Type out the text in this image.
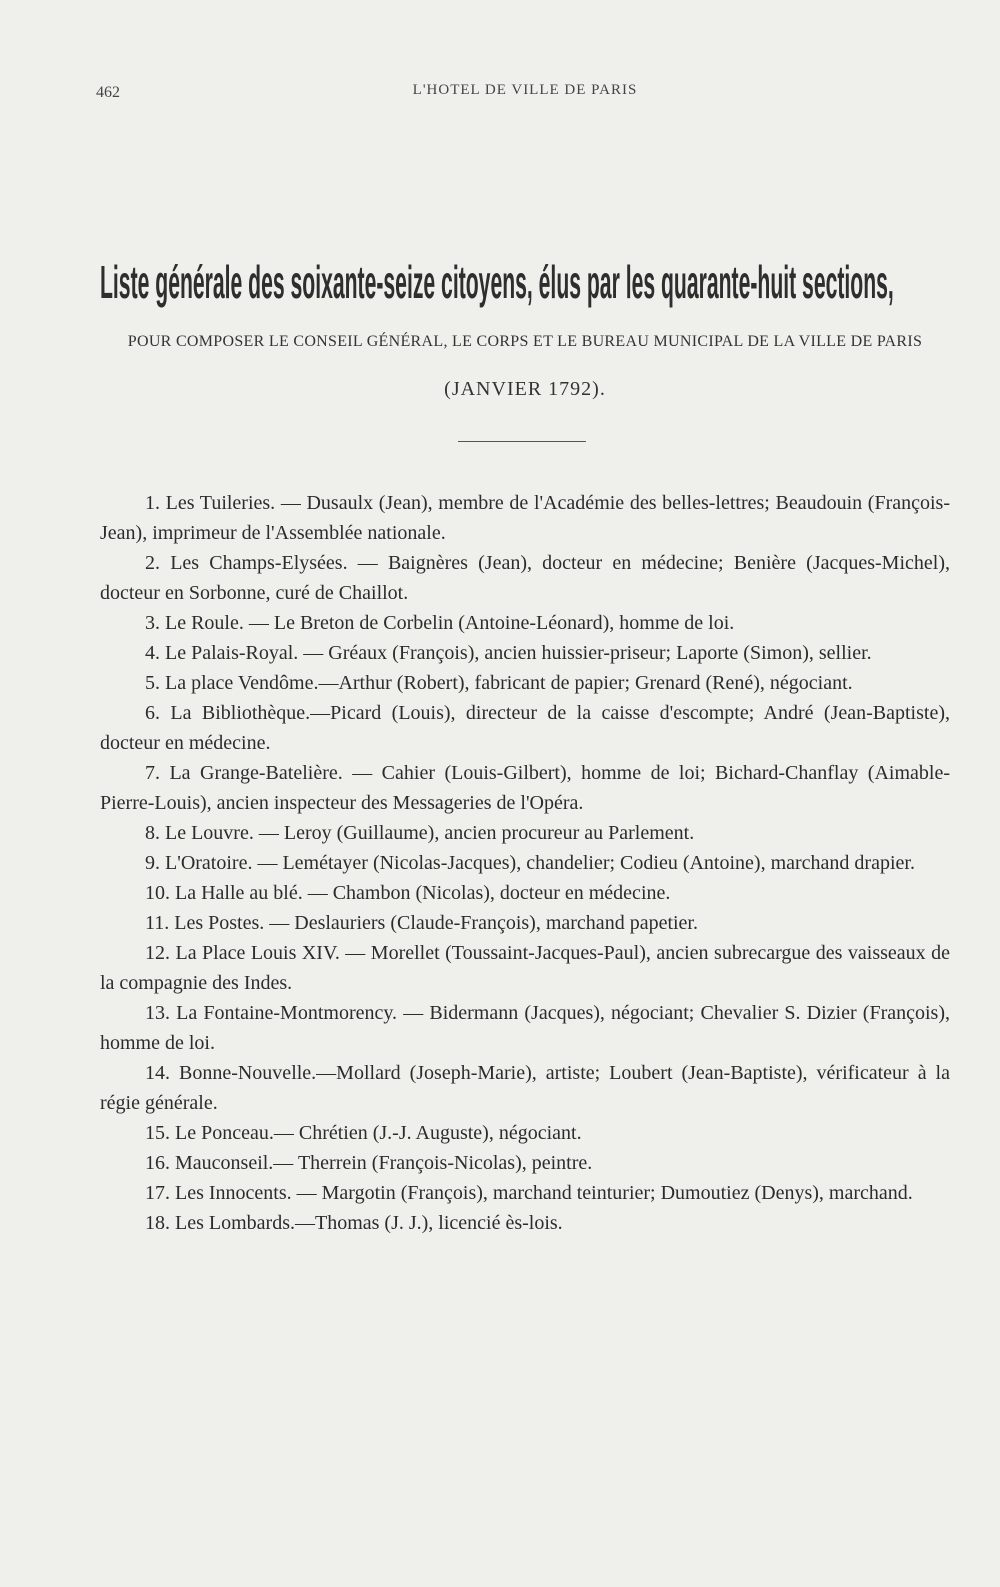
462	L'HOTEL DE VILLE DE PARIS
Liste générale des soixante-seize citoyens, élus par les quarante-huit sections,
POUR COMPOSER LE CONSEIL GÉNÉRAL, LE CORPS ET LE BUREAU MUNICIPAL DE LA VILLE DE PARIS
(JANVIER 1792).

1. Les Tuileries. — Dusaulx (Jean), membre de l'Académie des belles-lettres; Beaudouin (François-Jean), imprimeur de l'Assemblée nationale.

2. Les Champs-Elysées. — Baignères (Jean), docteur en médecine; Benière (Jacques-Michel), docteur en Sorbonne, curé de Chaillot.

3. Le Roule. — Le Breton de Corbelin (Antoine-Léonard), homme de loi.

4. Le Palais-Royal. — Gréaux (François), ancien huissier-priseur; Laporte (Simon), sellier.

5. La place Vendôme.—Arthur (Robert), fabricant de papier; Grenard (René), négociant.

6. La Bibliothèque.—Picard (Louis), directeur de la caisse d'escompte; André (Jean-Baptiste), docteur en médecine.

7. La Grange-Batelière. — Cahier (Louis-Gilbert), homme de loi; Bichard-Chanflay (Aimable-Pierre-Louis), ancien inspecteur des Messageries de l'Opéra.

8. Le Louvre. — Leroy (Guillaume), ancien procureur au Parlement.

9. L'Oratoire. — Lemétayer (Nicolas-Jacques), chandelier; Codieu (Antoine), marchand drapier.

10. La Halle au blé. — Chambon (Nicolas), docteur en médecine.

11. Les Postes. — Deslauriers (Claude-François), marchand papetier.

12. La Place Louis XIV. — Morellet (Toussaint-Jacques-Paul), ancien subrecargue des vaisseaux de la compagnie des Indes.

13. La Fontaine-Montmorency. — Bidermann (Jacques), négociant; Chevalier S. Dizier (François), homme de loi.

14. Bonne-Nouvelle.—Mollard (Joseph-Marie), artiste; Loubert (Jean-Baptiste), vérificateur à la régie générale.

15. Le Ponceau.— Chrétien (J.-J. Auguste), négociant.

16. Mauconseil.— Therrein (François-Nicolas), peintre.

17. Les Innocents. — Margotin (François), marchand teinturier; Dumoutiez (Denys), marchand.

18. Les Lombards.—Thomas (J. J.), licencié ès-lois.
